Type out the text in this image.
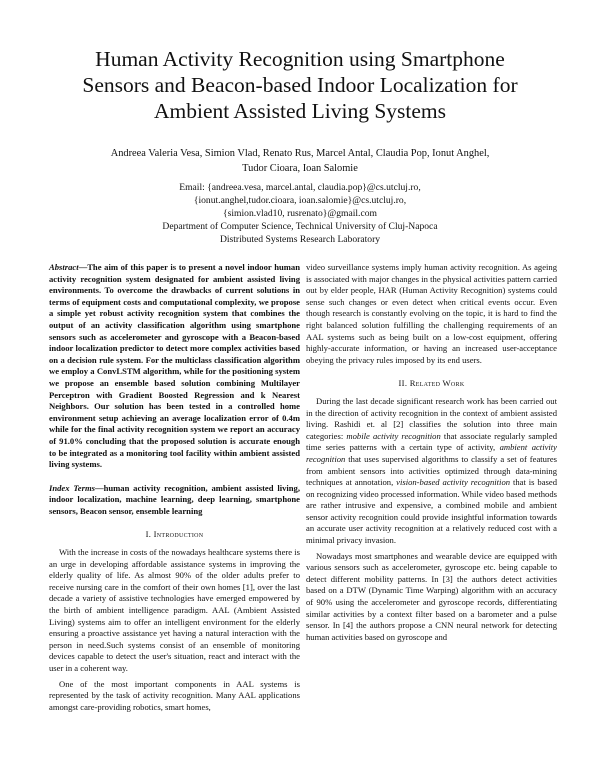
Human Activity Recognition using Smartphone
Sensors and Beacon-based Indoor Localization for
Ambient Assisted Living Systems
Andreea Valeria Vesa, Simion Vlad, Renato Rus, Marcel Antal, Claudia Pop, Ionut Anghel,
Tudor Cioara, Ioan Salomie
Email: {andreea.vesa, marcel.antal, claudia.pop}@cs.utcluj.ro,
{ionut.anghel,tudor.cioara, ioan.salomie}@cs.utcluj.ro,
{simion.vlad10, rusrenato}@gmail.com
Department of Computer Science, Technical University of Cluj-Napoca
Distributed Systems Research Laboratory

Abstract—The aim of this paper is to present a novel indoor human activity recognition system designated for ambient assisted living environments. To overcome the drawbacks of current solutions in terms of equipment costs and computational complexity, we propose a simple yet robust activity recognition system that combines the output of an activity classification algorithm using smartphone sensors such as accelerometer and gyroscope with a Beacon-based indoor localization predictor to detect more complex activities based on a decision rule system. For the multiclass classification algorithm we employ a ConvLSTM algorithm, while for the positioning system we propose an ensemble based solution combining Multilayer Perceptron with Gradient Boosted Regression and k Nearest Neighbors. Our solution has been tested in a controlled home environment setup achieving an average localization error of 0.4m while for the final activity recognition system we report an accuracy of 91.0% concluding that the proposed solution is accurate enough to be integrated as a monitoring tool facility within ambient assisted living systems.

Index Terms—human activity recognition, ambient assisted living, indoor localization, machine learning, deep learning, smartphone sensors, Beacon sensor, ensemble learning

I. Introduction

With the increase in costs of the nowadays healthcare systems there is an urge in developing affordable assistance systems in improving the elderly quality of life. As almost 90% of the older adults prefer to receive nursing care in the comfort of their own homes [1], over the last decade a variety of assistive technologies have emerged empowered by the birth of ambient intelligence paradigm. AAL (Ambient Assisted Living) systems aim to offer an intelligent environment for the elderly ensuring a proactive assistance yet having a natural interaction with the person in need.Such systems consist of an ensemble of monitoring devices capable to detect the user's situation, react and interact with the user in a coherent way.

One of the most important components in AAL systems is represented by the task of activity recognition. Many AAL applications amongst care-providing robotics, smart homes,

video surveillance systems imply human activity recognition. As ageing is associated with major changes in the physical activities pattern carried out by elder people, HAR (Human Activity Recognition) systems could sense such changes or even detect when critical events occur. Even though research is constantly evolving on the topic, it is hard to find the right balanced solution fulfilling the challenging requirements of an AAL systems such as being built on a low-cost equipment, offering highly-accurate information, or having an increased user-acceptance obeying the privacy rules imposed by its end users.

II. Related Work

During the last decade significant research work has been carried out in the direction of activity recognition in the context of ambient assisted living. Rashidi et. al [2] classifies the solution into three main categories: mobile activity recognition that associate regularly sampled time series patterns with a certain type of activity, ambient activity recognition that uses supervised algorithms to classify a set of features from ambient sensors into activities optimized through data-mining techniques at annotation, vision-based activity recognition that is based on recognizing video processed information. While video based methods are rather intrusive and expensive, a combined mobile and ambient sensor activity recognition could provide insightful information towards an accurate user activity recognition at a relatively reduced cost with a minimal privacy invasion.

Nowadays most smartphones and wearable device are equipped with various sensors such as accelerometer, gyroscope etc. being capable to detect different mobility patterns. In [3] the authors detect activities based on a DTW (Dynamic Time Warping) algorithm with an accuracy of 90% using the accelerometer and gyroscope records, differentiating similar activities by a context filter based on a barometer and a pulse sensor. In [4] the authors propose a CNN neural network for detecting human activities based on gyroscope and
